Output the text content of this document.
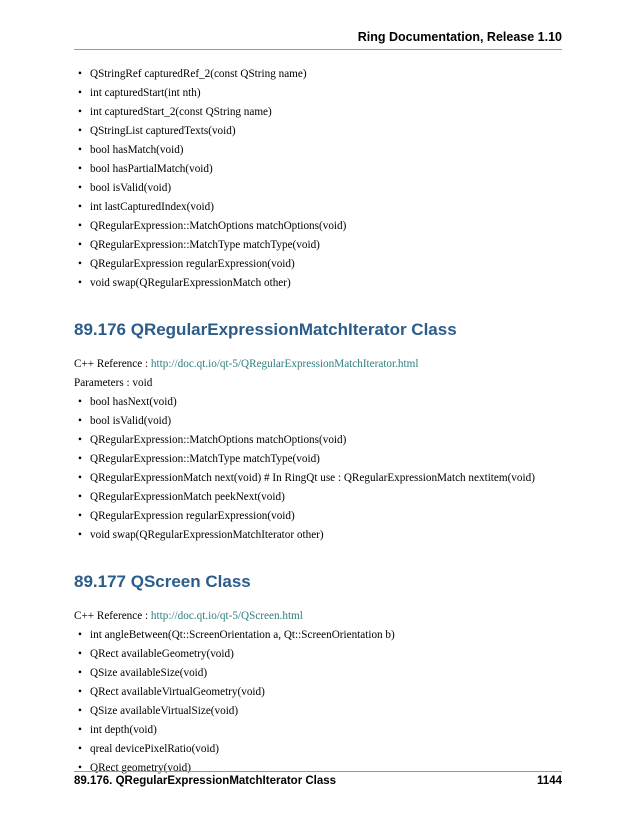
Ring Documentation, Release 1.10
• QStringRef capturedRef_2(const QString name)
• int capturedStart(int nth)
• int capturedStart_2(const QString name)
• QStringList capturedTexts(void)
• bool hasMatch(void)
• bool hasPartialMatch(void)
• bool isValid(void)
• int lastCapturedIndex(void)
• QRegularExpression::MatchOptions matchOptions(void)
• QRegularExpression::MatchType matchType(void)
• QRegularExpression regularExpression(void)
• void swap(QRegularExpressionMatch other)
89.176 QRegularExpressionMatchIterator Class

C++ Reference : http://doc.qt.io/qt-5/QRegularExpressionMatchIterator.html

Parameters : void

• bool hasNext(void)
• bool isValid(void)
• QRegularExpression::MatchOptions matchOptions(void)
• QRegularExpression::MatchType matchType(void)
• QRegularExpressionMatch next(void) # In RingQt use : QRegularExpressionMatch nextitem(void)
• QRegularExpressionMatch peekNext(void)
• QRegularExpression regularExpression(void)
• void swap(QRegularExpressionMatchIterator other)
89.177 QScreen Class

C++ Reference : http://doc.qt.io/qt-5/QScreen.html

• int angleBetween(Qt::ScreenOrientation a, Qt::ScreenOrientation b)
• QRect availableGeometry(void)
• QSize availableSize(void)
• QRect availableVirtualGeometry(void)
• QSize availableVirtualSize(void)
• int depth(void)
• qreal devicePixelRatio(void)
• QRect geometry(void)
89.176. QRegularExpressionMatchIterator Class	1144
